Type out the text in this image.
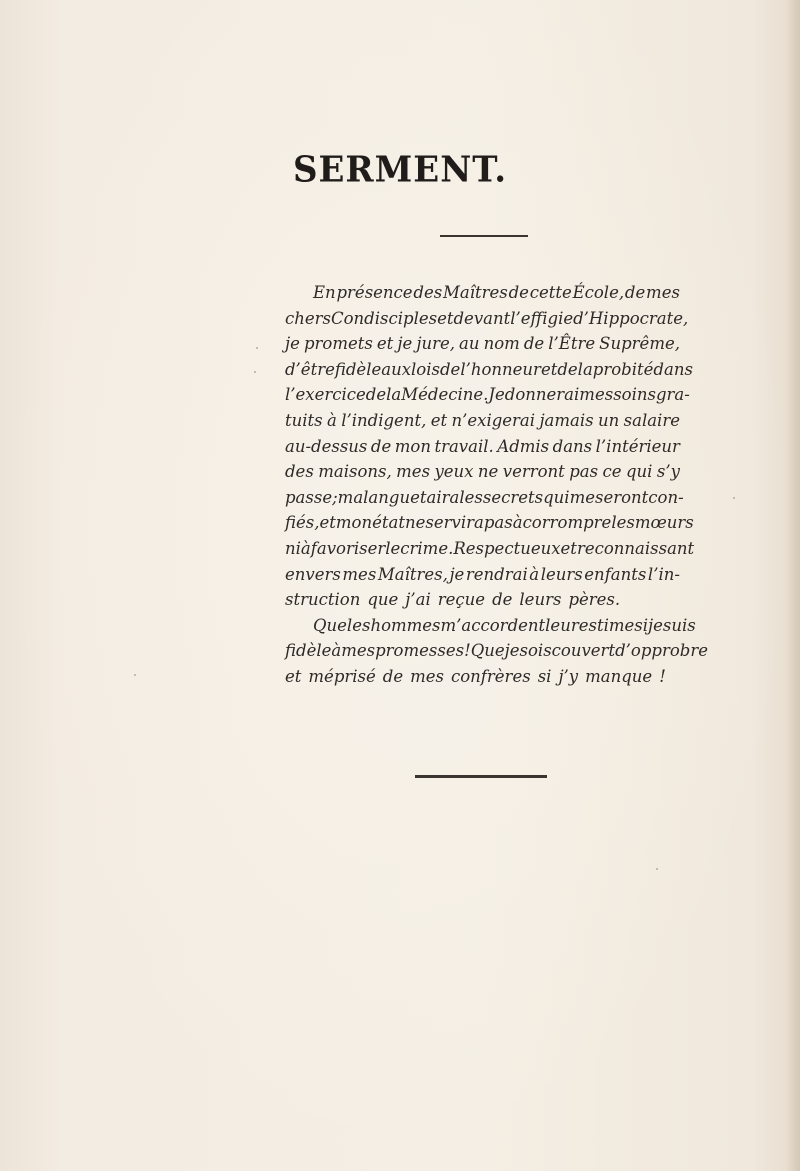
SERMENT.
En présence des Maîtres de cette École, de mes
chers Condisciples et devant l’effigie d’Hippocrate,
je promets et je jure, au nom de l’Être Suprême,
d’être fidèle aux lois de l’honneur et de la probité dans
l’exercice de la Médecine. Je donnerai mes soins gra-
tuits à l’indigent, et n’exigerai jamais un salaire
au-dessus de mon travail. Admis dans l’intérieur
des maisons, mes yeux ne verront pas ce qui s’y
passe; ma langue taira les secrets qui me seront con-
fiés, et mon état ne servira pas à corrompre les mœurs
ni à favoriser le crime. Respectueux et reconnaissant
envers mes Maîtres, je rendrai à leurs enfants l’in-
struction que j’ai reçue de leurs pères.
Que les hommes m’accordent leur estime si je suis
fidèle à mes promesses! Que je sois couvert d’opprobre
et méprisé de mes confrères si j’y manque !
